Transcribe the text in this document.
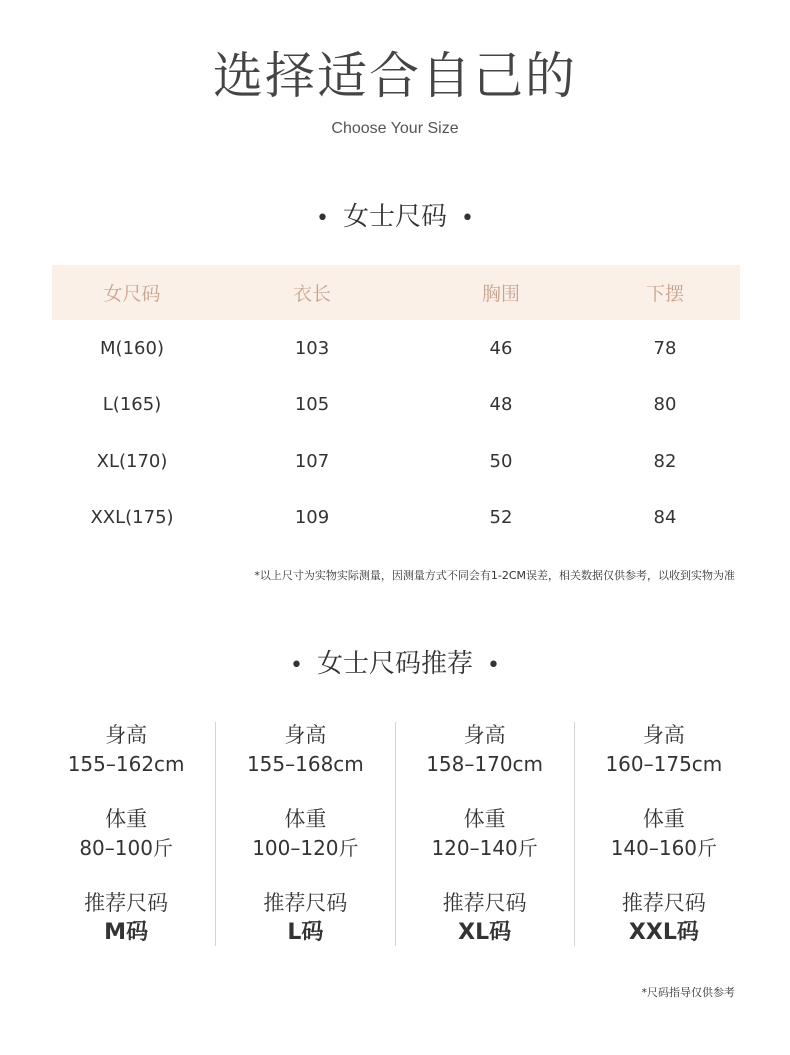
选择适合自己的
Choose Your Size
• 女士尺码 •
女尺码	衣长	胸围	下摆
M(160)	103	46	78
L(165)	105	48	80
XL(170)	107	50	82
XXL(175)	109	52	84
*以上尺寸为实物实际测量，因测量方式不同会有1-2CM误差，相关数据仅供参考，以收到实物为准
• 女士尺码推荐 •
身高
155–162cm
体重
80–100斤
推荐尺码
M码
身高
155–168cm
体重
100–120斤
推荐尺码
L码
身高
158–170cm
体重
120–140斤
推荐尺码
XL码
身高
160–175cm
体重
140–160斤
推荐尺码
XXL码
*尺码指导仅供参考
